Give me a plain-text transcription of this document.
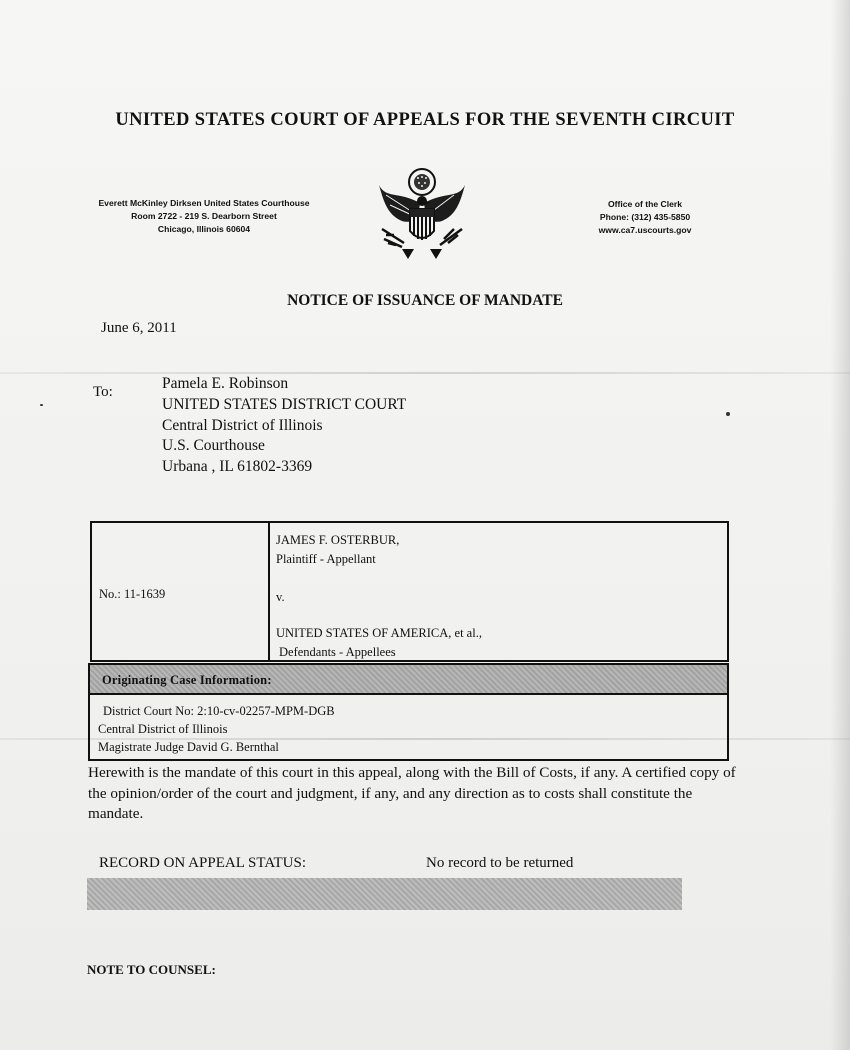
UNITED STATES COURT OF APPEALS FOR THE SEVENTH CIRCUIT
Everett McKinley Dirksen United States Courthouse
Room 2722 - 219 S. Dearborn Street
Chicago, Illinois 60604
Office of the Clerk
Phone: (312) 435-5850
www.ca7.uscourts.gov
NOTICE OF ISSUANCE OF MANDATE
June 6, 2011
To:	Pamela E. Robinson
UNITED STATES DISTRICT COURT
Central District of Illinois
U.S. Courthouse
Urbana , IL 61802-3369
No.: 11-1639
JAMES F. OSTERBUR,
Plaintiff - Appellant
v.
UNITED STATES OF AMERICA, et al.,
Defendants - Appellees
Originating Case Information:
District Court No: 2:10-cv-02257-MPM-DGB
Central District of Illinois
Magistrate Judge David G. Bernthal
Herewith is the mandate of this court in this appeal, along with the Bill of Costs, if any. A certified copy of the opinion/order of the court and judgment, if any, and any direction as to costs shall constitute the mandate.
RECORD ON APPEAL STATUS:	No record to be returned
NOTE TO COUNSEL:
